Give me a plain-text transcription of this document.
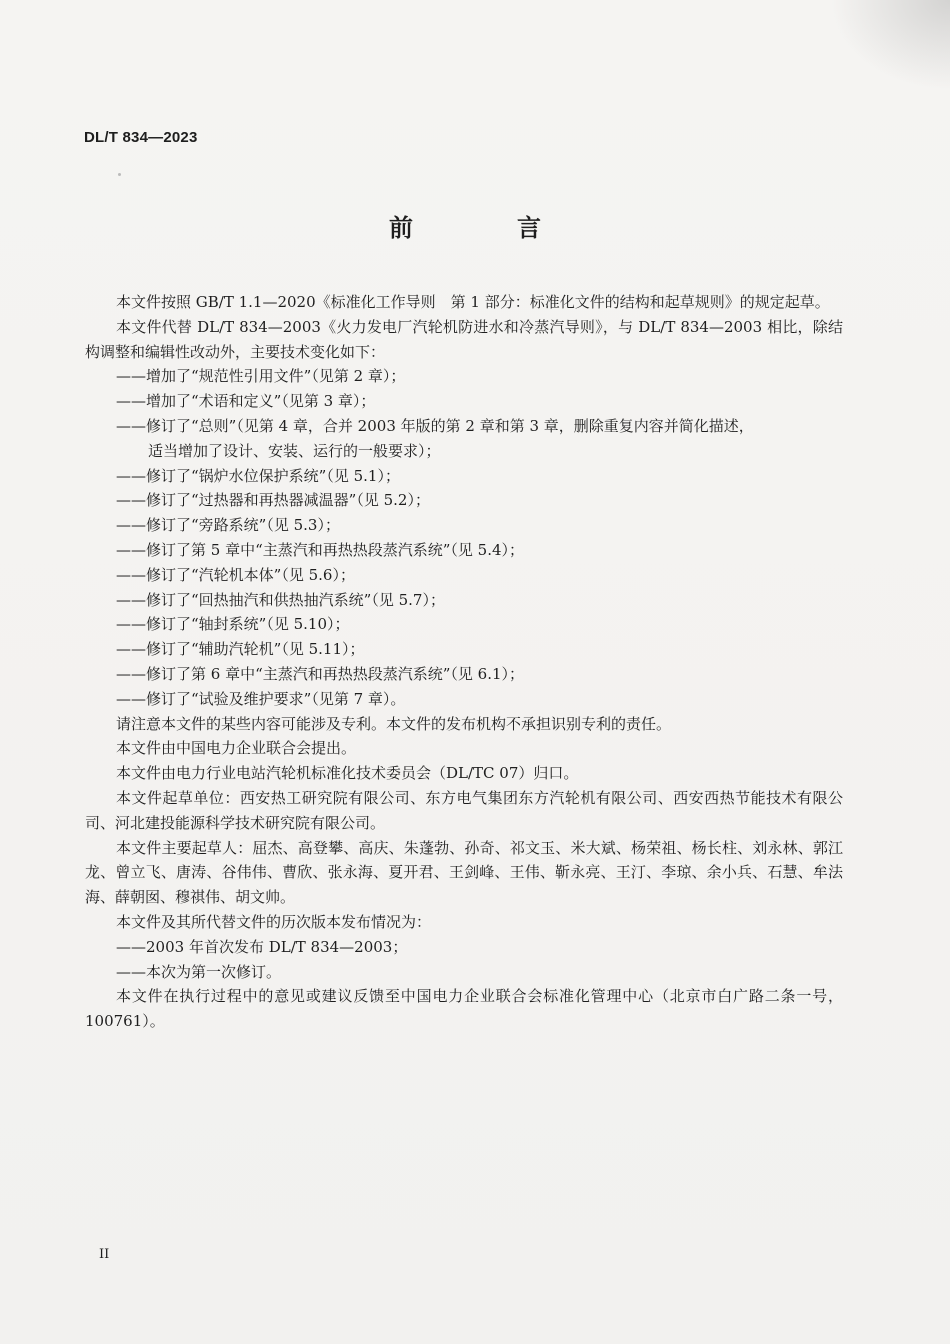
DL/T 834—2023
前　言

本文件按照 GB/T 1.1—2020《标准化工作导则　第 1 部分：标准化文件的结构和起草规则》的规定起草。

本文件代替 DL/T 834—2003《火力发电厂汽轮机防进水和冷蒸汽导则》，与 DL/T 834—2003 相比，除结构调整和编辑性改动外，主要技术变化如下：

——增加了“规范性引用文件”（见第 2 章）；

——增加了“术语和定义”（见第 3 章）；

——修订了“总则”（见第 4 章，合并 2003 年版的第 2 章和第 3 章，删除重复内容并简化描述，

适当增加了设计、安装、运行的一般要求）；

——修订了“锅炉水位保护系统”（见 5.1）；

——修订了“过热器和再热器减温器”（见 5.2）；

——修订了“旁路系统”（见 5.3）；

——修订了第 5 章中“主蒸汽和再热热段蒸汽系统”（见 5.4）；

——修订了“汽轮机本体”（见 5.6）；

——修订了“回热抽汽和供热抽汽系统”（见 5.7）；

——修订了“轴封系统”（见 5.10）；

——修订了“辅助汽轮机”（见 5.11）；

——修订了第 6 章中“主蒸汽和再热热段蒸汽系统”（见 6.1）；

——修订了“试验及维护要求”（见第 7 章）。

请注意本文件的某些内容可能涉及专利。本文件的发布机构不承担识别专利的责任。

本文件由中国电力企业联合会提出。

本文件由电力行业电站汽轮机标准化技术委员会（DL/TC 07）归口。

本文件起草单位：西安热工研究院有限公司、东方电气集团东方汽轮机有限公司、西安西热节能技术有限公司、河北建投能源科学技术研究院有限公司。

本文件主要起草人：屈杰、高登攀、高庆、朱蓬勃、孙奇、祁文玉、米大斌、杨荣祖、杨长柱、刘永林、郭江龙、曾立飞、唐涛、谷伟伟、曹欣、张永海、夏开君、王剑峰、王伟、靳永亮、王汀、李琼、余小兵、石慧、牟法海、薛朝囡、穆祺伟、胡文帅。

本文件及其所代替文件的历次版本发布情况为：

——2003 年首次发布 DL/T 834—2003；

——本次为第一次修订。

本文件在执行过程中的意见或建议反馈至中国电力企业联合会标准化管理中心（北京市白广路二条一号，100761）。

II
